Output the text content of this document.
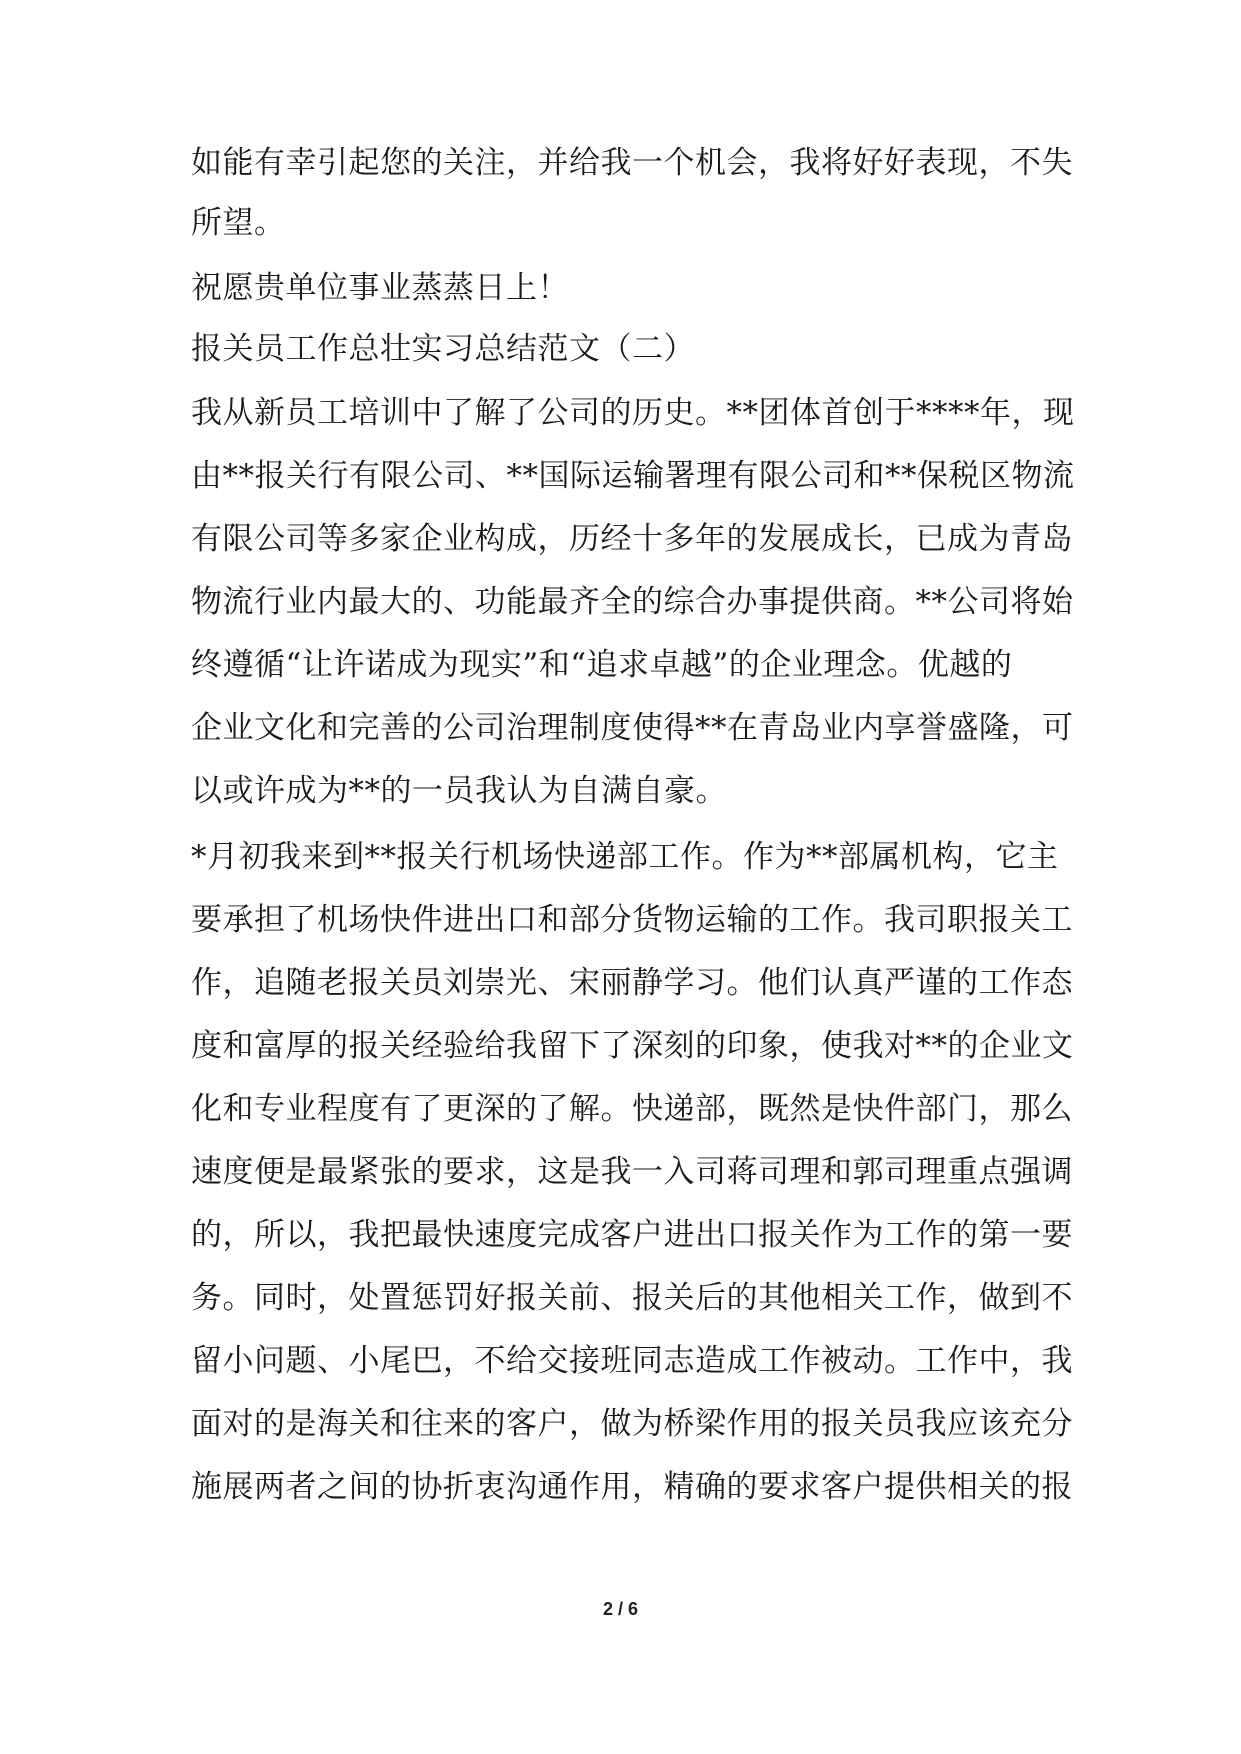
如能有幸引起您的关注，并给我一个机会，我将好好表现，不失
所望。
祝愿贵单位事业蒸蒸日上！
报关员工作总壮实习总结范文（二）
我从新员工培训中了解了公司的历史。**团体首创于****年，现
由**报关行有限公司、**国际运输署理有限公司和**保税区物流
有限公司等多家企业构成，历经十多年的发展成长，已成为青岛
物流行业内最大的、功能最齐全的综合办事提供商。**公司将始
终遵循“让许诺成为现实”和“追求卓越”的企业理念。优越的
企业文化和完善的公司治理制度使得**在青岛业内享誉盛隆，可
以或许成为**的一员我认为自满自豪。
*月初我来到**报关行机场快递部工作。作为**部属机构，它主
要承担了机场快件进出口和部分货物运输的工作。我司职报关工
作，追随老报关员刘崇光、宋丽静学习。他们认真严谨的工作态
度和富厚的报关经验给我留下了深刻的印象，使我对**的企业文
化和专业程度有了更深的了解。快递部，既然是快件部门，那么
速度便是最紧张的要求，这是我一入司蒋司理和郭司理重点强调
的，所以，我把最快速度完成客户进出口报关作为工作的第一要
务。同时，处置惩罚好报关前、报关后的其他相关工作，做到不
留小问题、小尾巴，不给交接班同志造成工作被动。工作中，我
面对的是海关和往来的客户，做为桥梁作用的报关员我应该充分
施展两者之间的协折衷沟通作用，精确的要求客户提供相关的报
2 / 6
